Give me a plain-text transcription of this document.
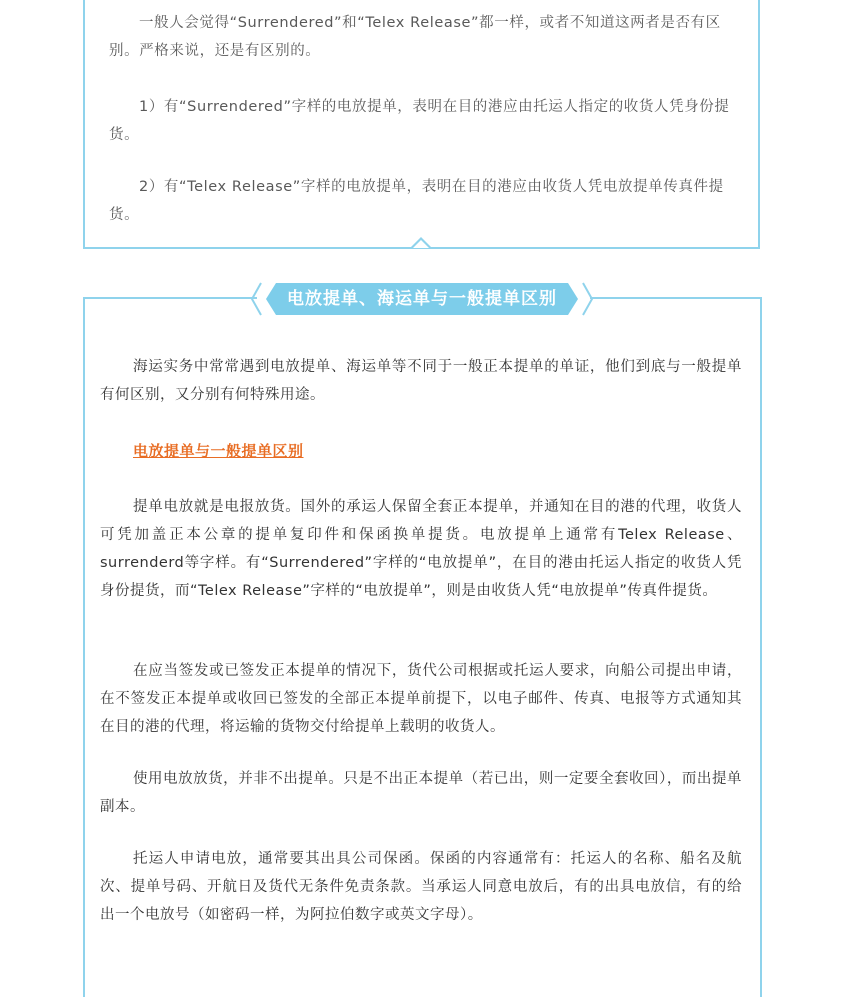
一般人会觉得“Surrendered”和“Telex Release”都一样，或者不知道这两者是否有区别。严格来说，还是有区别的。
1）有“Surrendered”字样的电放提单，表明在目的港应由托运人指定的收货人凭身份提货。
2）有“Telex Release”字样的电放提单，表明在目的港应由收货人凭电放提单传真件提货。
电放提单、海运单与一般提单区别
海运实务中常常遇到电放提单、海运单等不同于一般正本提单的单证，他们到底与一般提单有何区别，又分别有何特殊用途。
电放提单与一般提单区别
提单电放就是电报放货。国外的承运人保留全套正本提单，并通知在目的港的代理，收货人可凭加盖正本公章的提单复印件和保函换单提货。电放提单上通常有Telex Release、surrenderd等字样。有“Surrendered”字样的“电放提单”，在目的港由托运人指定的收货人凭身份提货，而“Telex Release”字样的“电放提单”，则是由收货人凭“电放提单”传真件提货。
在应当签发或已签发正本提单的情况下，货代公司根据或托运人要求，向船公司提出申请，在不签发正本提单或收回已签发的全部正本提单前提下，以电子邮件、传真、电报等方式通知其在目的港的代理，将运输的货物交付给提单上载明的收货人。
使用电放放货，并非不出提单。只是不出正本提单（若已出，则一定要全套收回），而出提单副本。
托运人申请电放，通常要其出具公司保函。保函的内容通常有：托运人的名称、船名及航次、提单号码、开航日及货代无条件免责条款。当承运人同意电放后，有的出具电放信，有的给出一个电放号（如密码一样，为阿拉伯数字或英文字母）。
